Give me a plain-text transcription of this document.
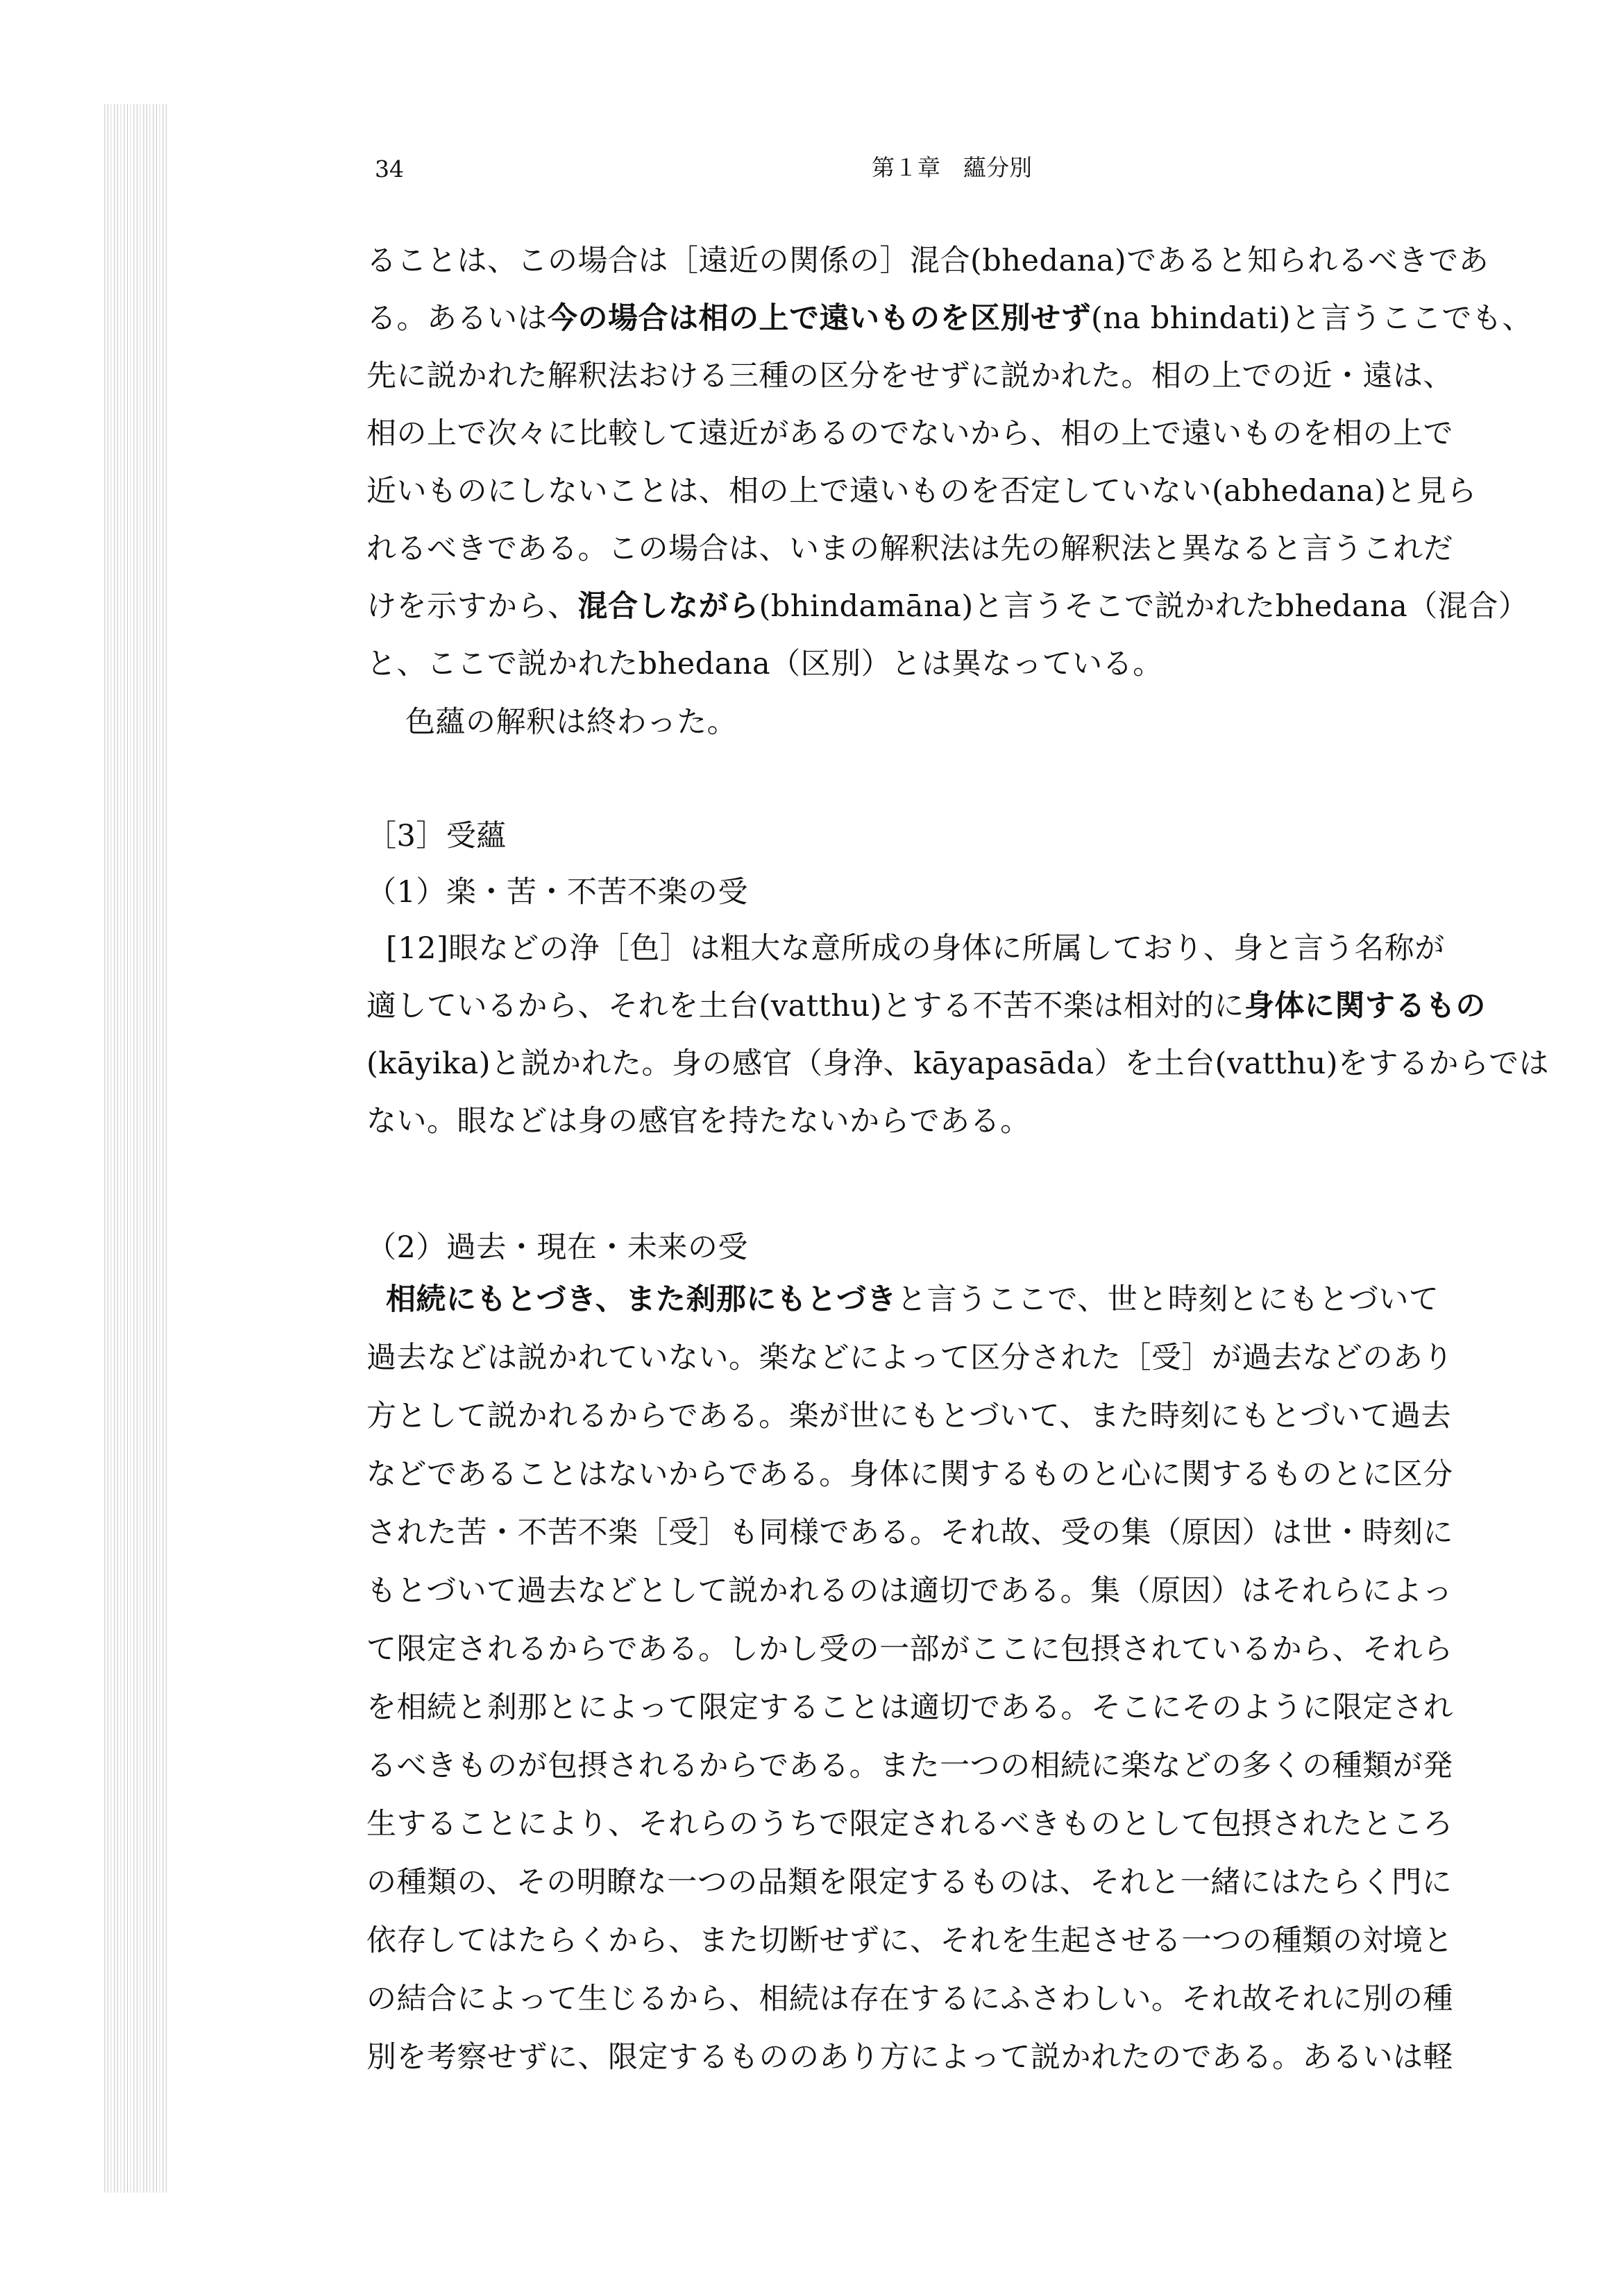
34	第１章　蘊分別
ることは、この場合は［遠近の関係の］混合(bhedana)であると知られるべきであ
る。あるいは今の場合は相の上で遠いものを区別せず(na bhindati)と言うここでも、
先に説かれた解釈法おける三種の区分をせずに説かれた。相の上での近・遠は、
相の上で次々に比較して遠近があるのでないから、相の上で遠いものを相の上で
近いものにしないことは、相の上で遠いものを否定していない(abhedana)と見ら
れるべきである。この場合は、いまの解釈法は先の解釈法と異なると言うこれだ
けを示すから、混合しながら(bhindamāna)と言うそこで説かれたbhedana（混合）
と、ここで説かれたbhedana（区別）とは異なっている。
色蘊の解釈は終わった。
［3］受蘊
（1）楽・苦・不苦不楽の受
[12]眼などの浄［色］は粗大な意所成の身体に所属しており、身と言う名称が
適しているから、それを土台(vatthu)とする不苦不楽は相対的に身体に関するもの
(kāyika)と説かれた。身の感官（身浄、kāyapasāda）を土台(vatthu)をするからでは
ない。眼などは身の感官を持たないからである。
（2）過去・現在・未来の受
相続にもとづき、また刹那にもとづきと言うここで、世と時刻とにもとづいて
過去などは説かれていない。楽などによって区分された［受］が過去などのあり
方として説かれるからである。楽が世にもとづいて、また時刻にもとづいて過去
などであることはないからである。身体に関するものと心に関するものとに区分
された苦・不苦不楽［受］も同様である。それ故、受の集（原因）は世・時刻に
もとづいて過去などとして説かれるのは適切である。集（原因）はそれらによっ
て限定されるからである。しかし受の一部がここに包摂されているから、それら
を相続と刹那とによって限定することは適切である。そこにそのように限定され
るべきものが包摂されるからである。また一つの相続に楽などの多くの種類が発
生することにより、それらのうちで限定されるべきものとして包摂されたところ
の種類の、その明瞭な一つの品類を限定するものは、それと一緒にはたらく門に
依存してはたらくから、また切断せずに、それを生起させる一つの種類の対境と
の結合によって生じるから、相続は存在するにふさわしい。それ故それに別の種
別を考察せずに、限定するもののあり方によって説かれたのである。あるいは軽
